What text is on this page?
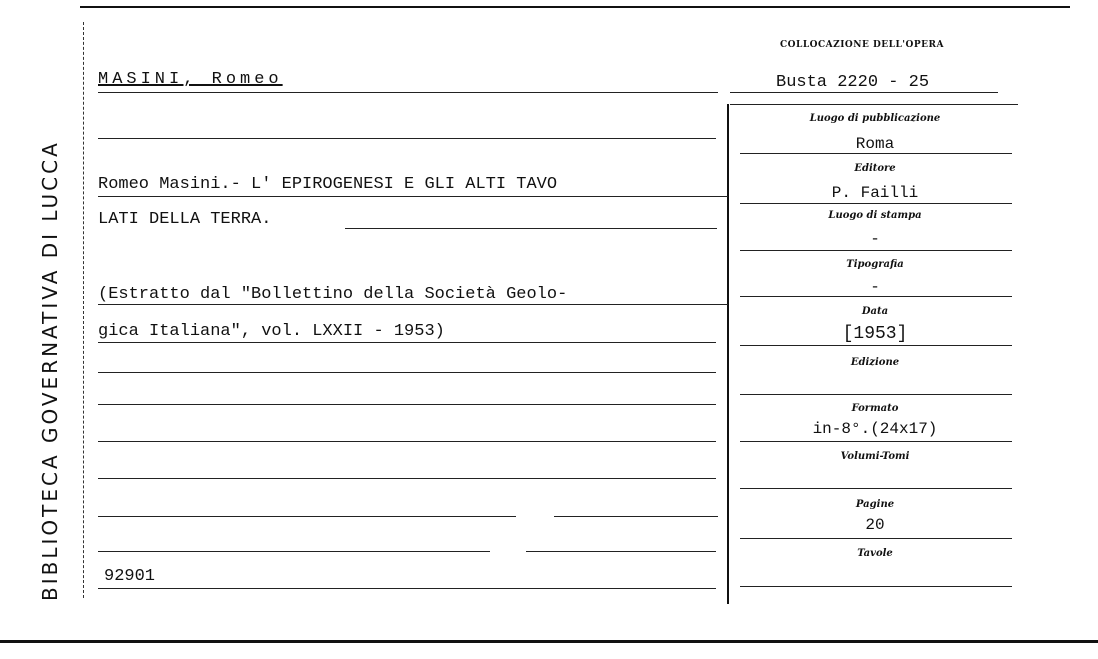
BIBLIOTECA GOVERNATIVA DI LUCCA
COLLOCAZIONE DELL'OPERA
Busta 2220 - 25
MASINI, Romeo
Romeo Masini.- L' EPIROGENESI E GLI ALTI TAVO
LATI DELLA TERRA.
(Estratto dal "Bollettino della Società Geolo-
gica Italiana", vol. LXXII - 1953)
92901
Luogo di pubblicazione
Roma
Editore
P. Failli
Luogo di stampa
-
Tipografia
-
Data
[1953]
Edizione
Formato
in-8°.(24x17)
Volumi-Tomi
Pagine
20
Tavole
